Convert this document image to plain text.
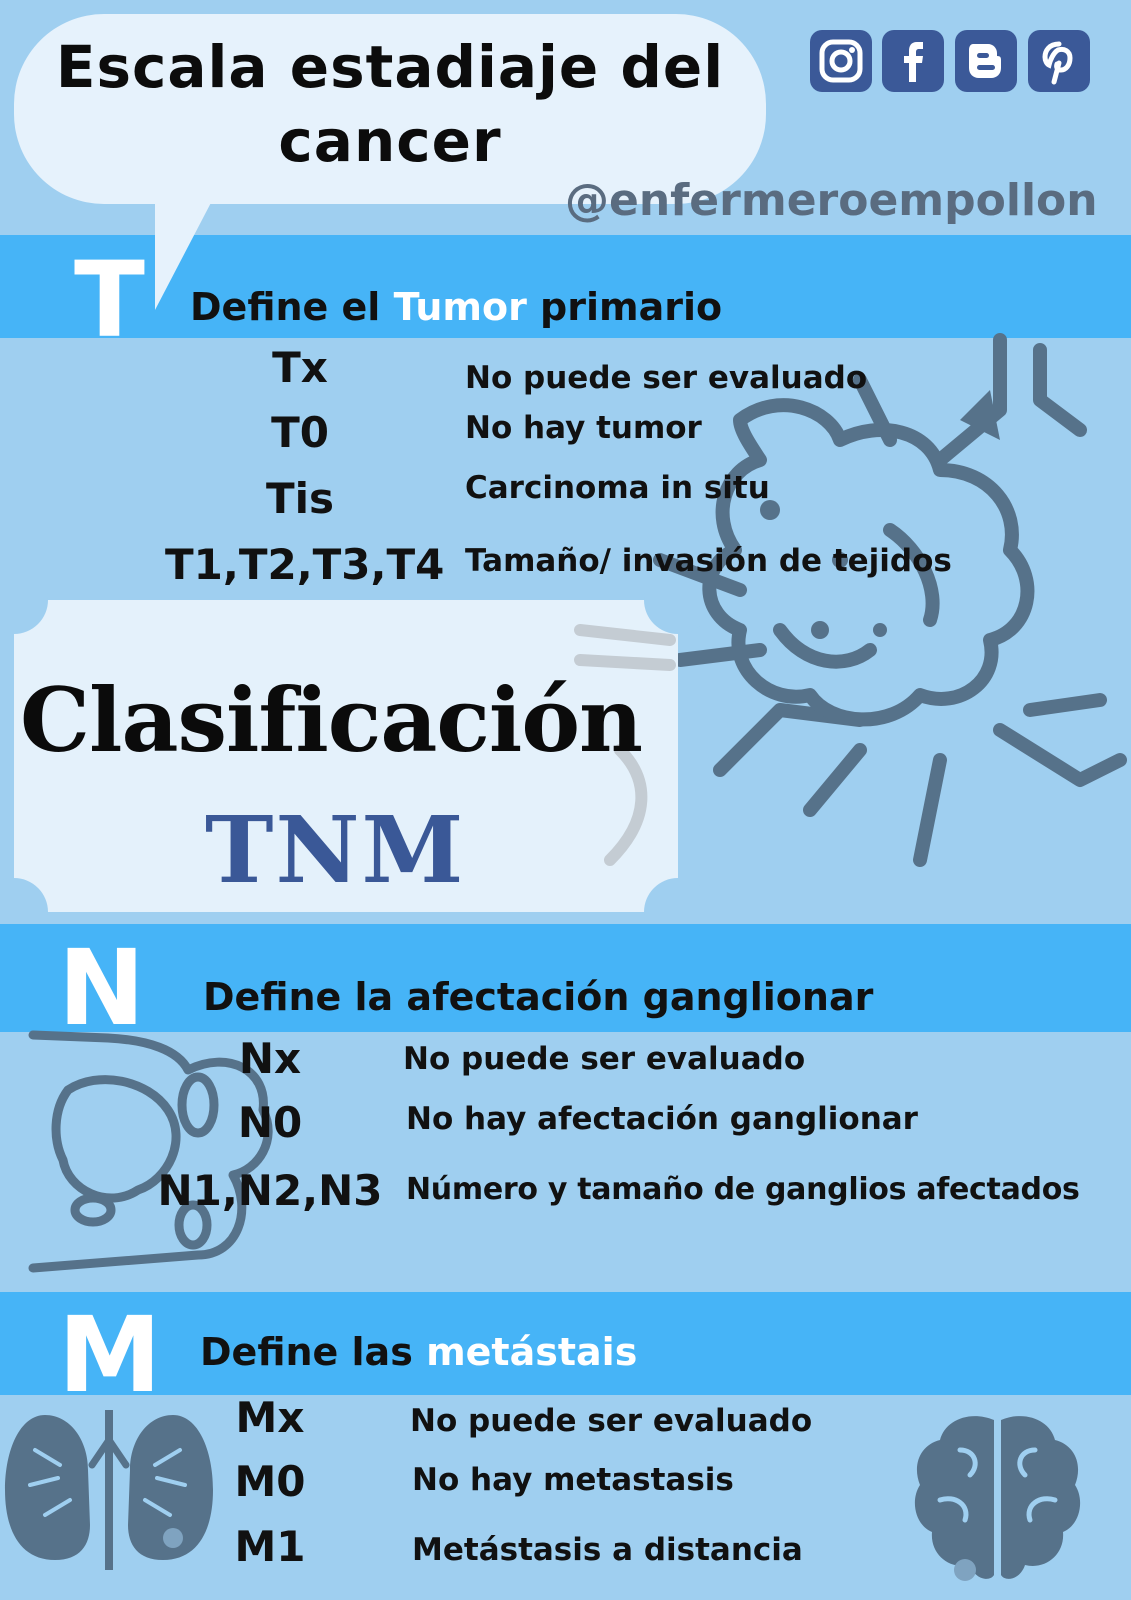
Escala estadiaje del
cancer
@enfermeroempollon
T Define el Tumor primario
Tx	No puede ser evaluado
T0	No hay tumor
Tis	Carcinoma in situ
T1,T2,T3,T4 Tamaño/ invasión de tejidos
Clasificación
TNM
N Define la afectación ganglionar
Nx	No puede ser evaluado
N0	No hay afectación ganglionar
N1,N2,N3 Número y tamaño de ganglios afectados
M Define las metástais
Mx	No puede ser evaluado
M0	No hay metastasis
M1	Metástasis a distancia
